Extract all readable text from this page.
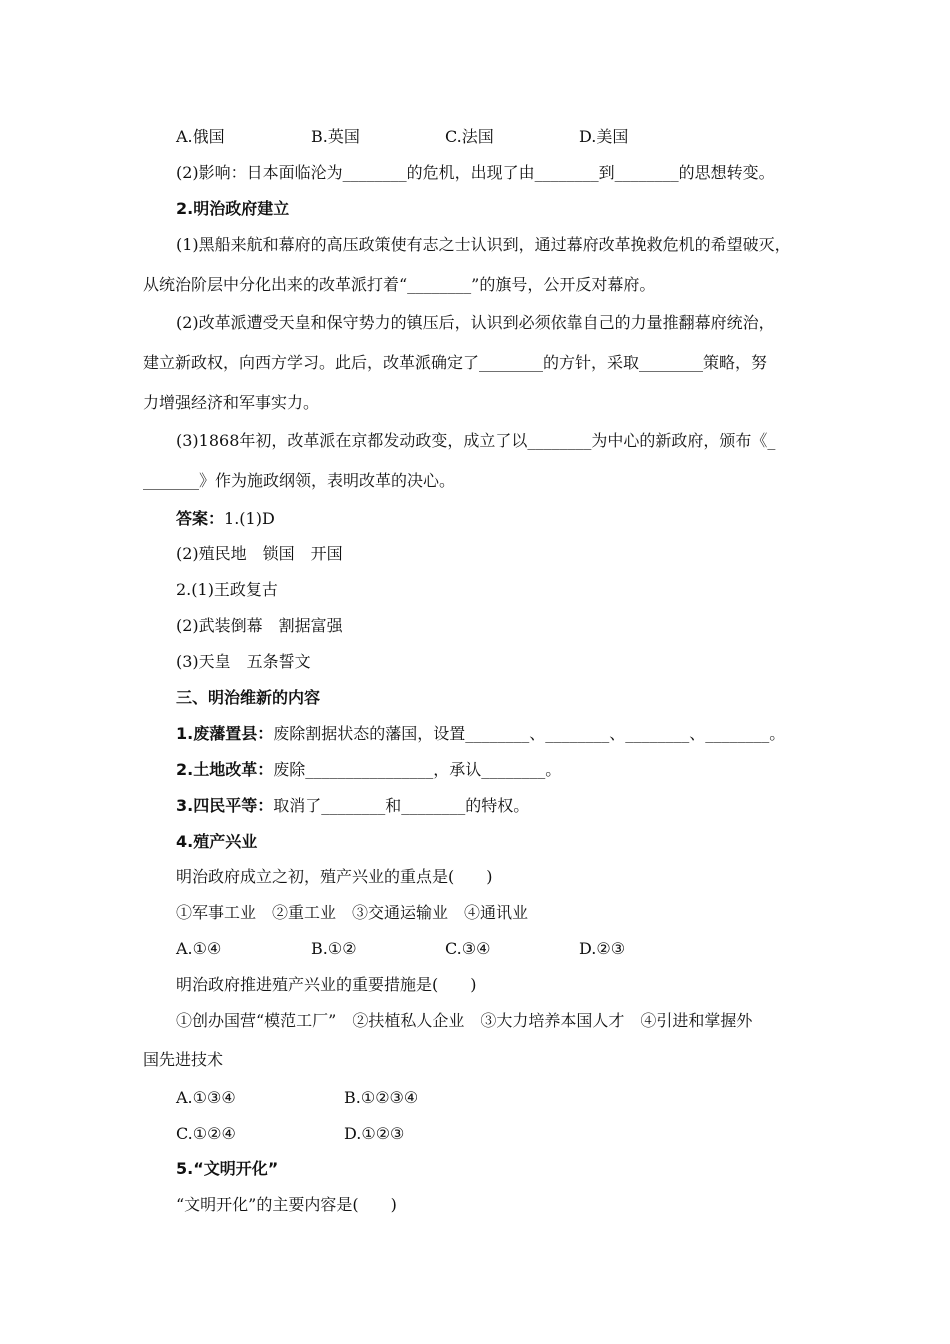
A.俄国	B.英国	C.法国	D.美国
(2)影响：日本面临沦为________的危机，出现了由________到________的思想转变。
2.明治政府建立
(1)黑船来航和幕府的高压政策使有志之士认识到，通过幕府改革挽救危机的希望破灭，
从统治阶层中分化出来的改革派打着“________”的旗号，公开反对幕府。
(2)改革派遭受天皇和保守势力的镇压后，认识到必须依靠自己的力量推翻幕府统治，
建立新政权，向西方学习。此后，改革派确定了________的方针，采取________策略，努
力增强经济和军事实力。
(3)1868年初，改革派在京都发动政变，成立了以________为中心的新政府，颁布《_
_______》作为施政纲领，表明改革的决心。
答案：1.(1)D
(2)殖民地　锁国　开国
2.(1)王政复古
(2)武装倒幕　割据富强
(3)天皇　五条誓文
三、明治维新的内容
1.废藩置县：废除割据状态的藩国，设置________、________、________、________。
2.土地改革：废除________________，承认________。
3.四民平等：取消了________和________的特权。
4.殖产兴业
明治政府成立之初，殖产兴业的重点是(　　)
①军事工业　②重工业　③交通运输业　④通讯业
A.①④	B.①②	C.③④	D.②③
明治政府推进殖产兴业的重要措施是(　　)
①创办国营“模范工厂”　②扶植私人企业　③大力培养本国人才　④引进和掌握外
国先进技术
A.①③④	B.①②③④
C.①②④	D.①②③
5.“文明开化”
“文明开化”的主要内容是(　　)
